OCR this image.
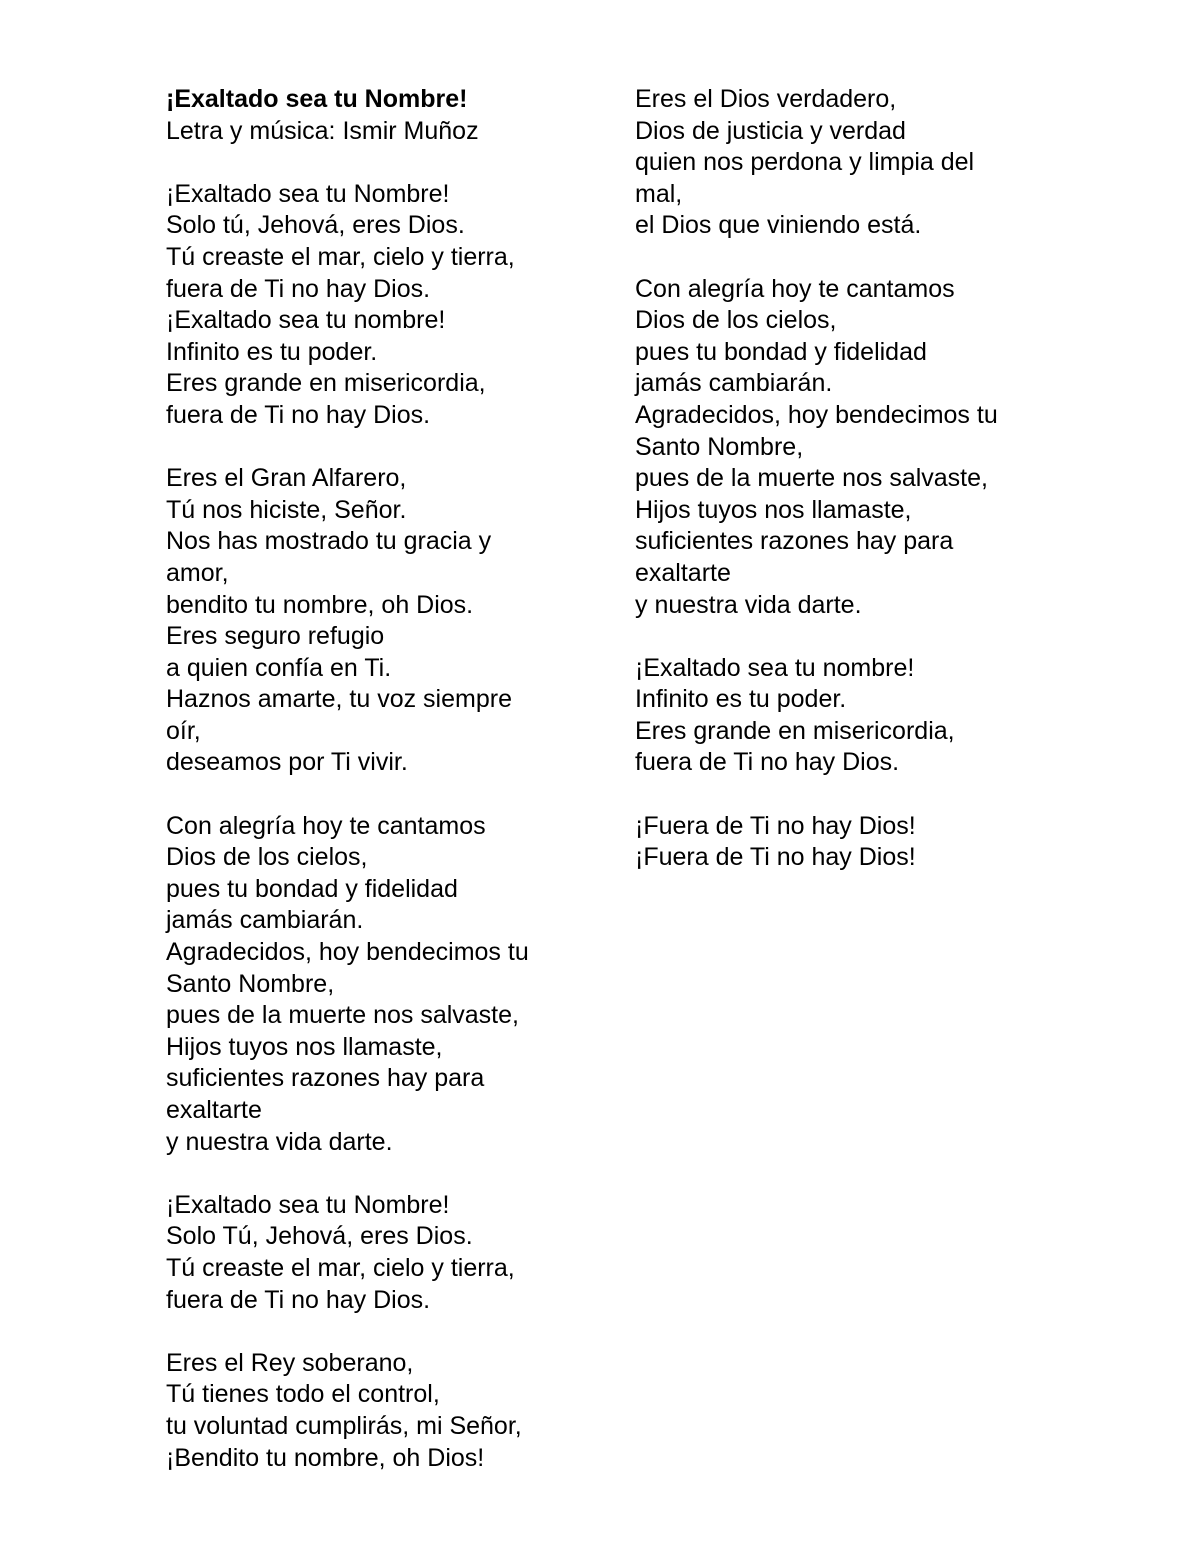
¡Exaltado sea tu Nombre!
Letra y música: Ismir Muñoz
¡Exaltado sea tu Nombre!
Solo tú, Jehová, eres Dios.
Tú creaste el mar, cielo y tierra,
fuera de Ti no hay Dios.
¡Exaltado sea tu nombre!
Infinito es tu poder.
Eres grande en misericordia,
fuera de Ti no hay Dios.
Eres el Gran Alfarero,
Tú nos hiciste, Señor.
Nos has mostrado tu gracia y
amor,
bendito tu nombre, oh Dios.
Eres seguro refugio
a quien confía en Ti.
Haznos amarte, tu voz siempre
oír,
deseamos por Ti vivir.
Con alegría hoy te cantamos
Dios de los cielos,
pues tu bondad y fidelidad
jamás cambiarán.
Agradecidos, hoy bendecimos tu
Santo Nombre,
pues de la muerte nos salvaste,
Hijos tuyos nos llamaste,
suficientes razones hay para
exaltarte
y nuestra vida darte.
¡Exaltado sea tu Nombre!
Solo Tú, Jehová, eres Dios.
Tú creaste el mar, cielo y tierra,
fuera de Ti no hay Dios.
Eres el Rey soberano,
Tú tienes todo el control,
tu voluntad cumplirás, mi Señor,
¡Bendito tu nombre, oh Dios!
Eres el Dios verdadero,
Dios de justicia y verdad
quien nos perdona y limpia del
mal,
el Dios que viniendo está.
Con alegría hoy te cantamos
Dios de los cielos,
pues tu bondad y fidelidad
jamás cambiarán.
Agradecidos, hoy bendecimos tu
Santo Nombre,
pues de la muerte nos salvaste,
Hijos tuyos nos llamaste,
suficientes razones hay para
exaltarte
y nuestra vida darte.
¡Exaltado sea tu nombre!
Infinito es tu poder.
Eres grande en misericordia,
fuera de Ti no hay Dios.
¡Fuera de Ti no hay Dios!
¡Fuera de Ti no hay Dios!
